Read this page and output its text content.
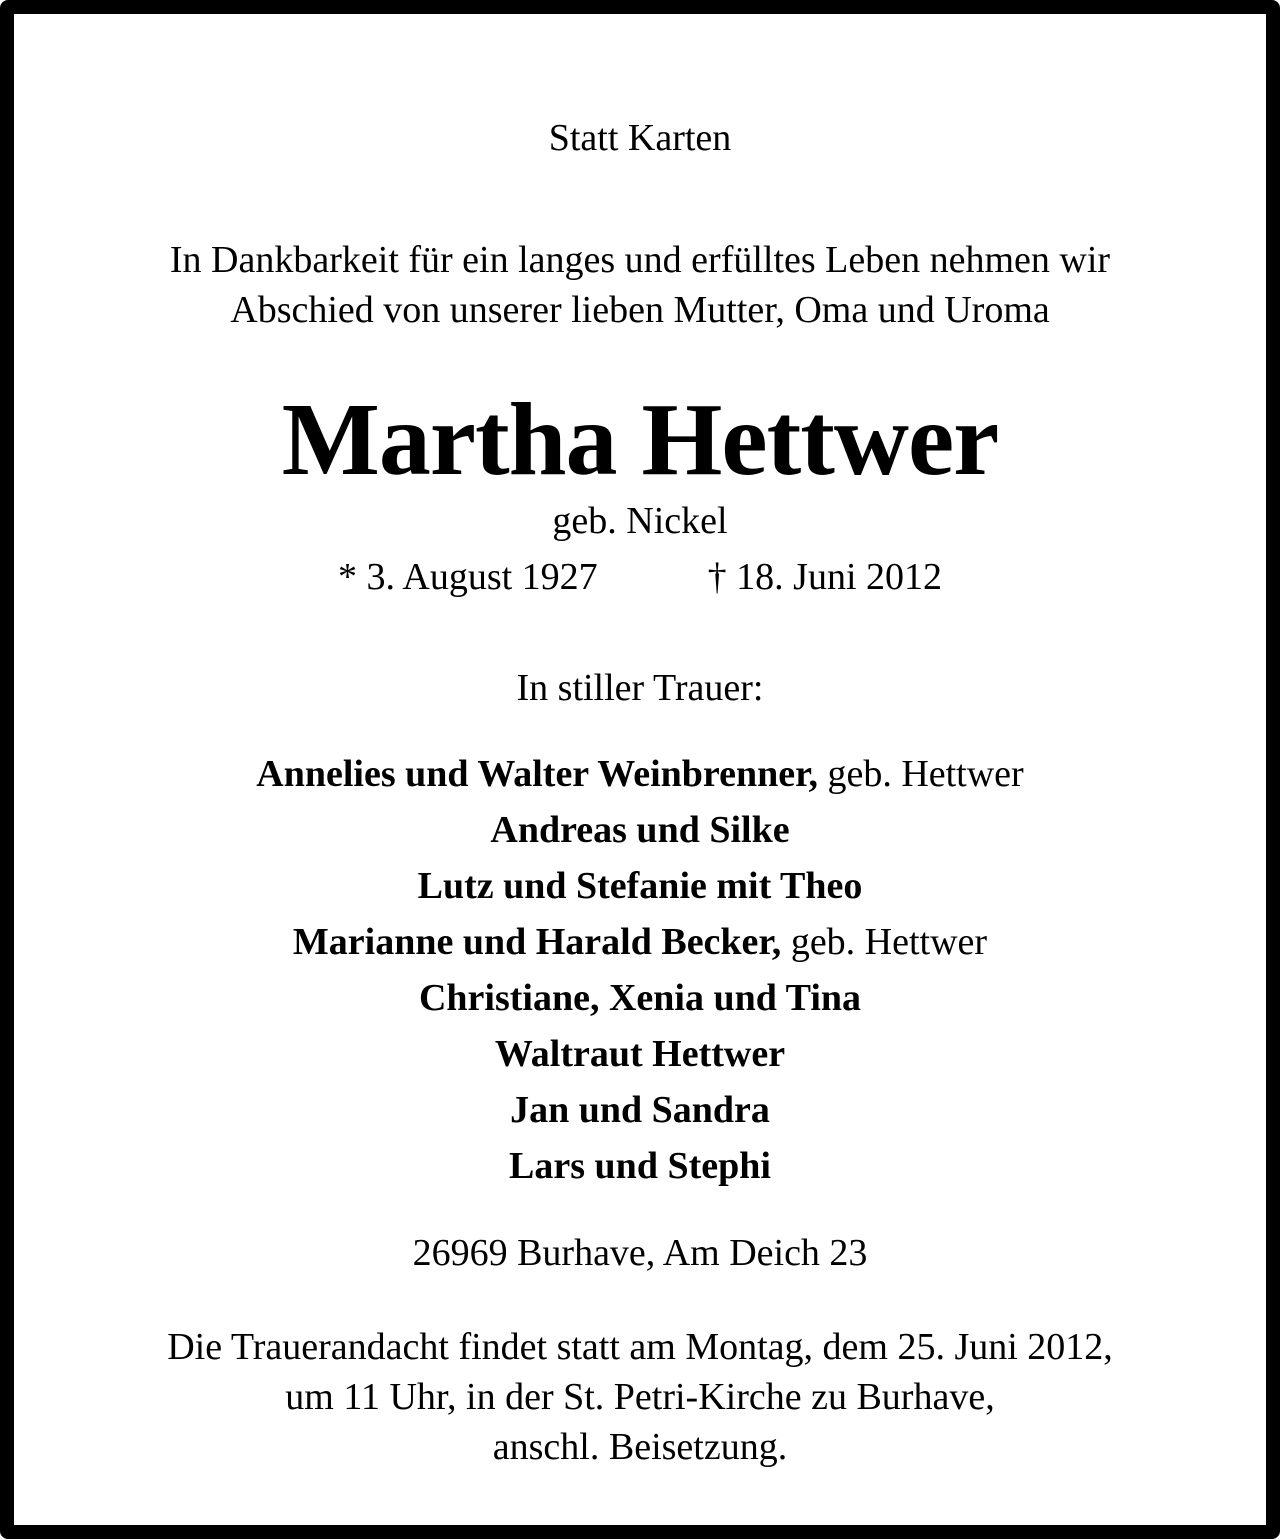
Statt Karten
In Dankbarkeit für ein langes und erfülltes Leben nehmen wir
Abschied von unserer lieben Mutter, Oma und Uroma
Martha Hettwer
geb. Nickel
* 3. August 1927	† 18. Juni 2012
In stiller Trauer:
Annelies und Walter Weinbrenner, geb. Hettwer
Andreas und Silke
Lutz und Stefanie mit Theo
Marianne und Harald Becker, geb. Hettwer
Christiane, Xenia und Tina
Waltraut Hettwer
Jan und Sandra
Lars und Stephi
26969 Burhave, Am Deich 23
Die Trauerandacht findet statt am Montag, dem 25. Juni 2012,
um 11 Uhr, in der St. Petri-Kirche zu Burhave,
anschl. Beisetzung.
